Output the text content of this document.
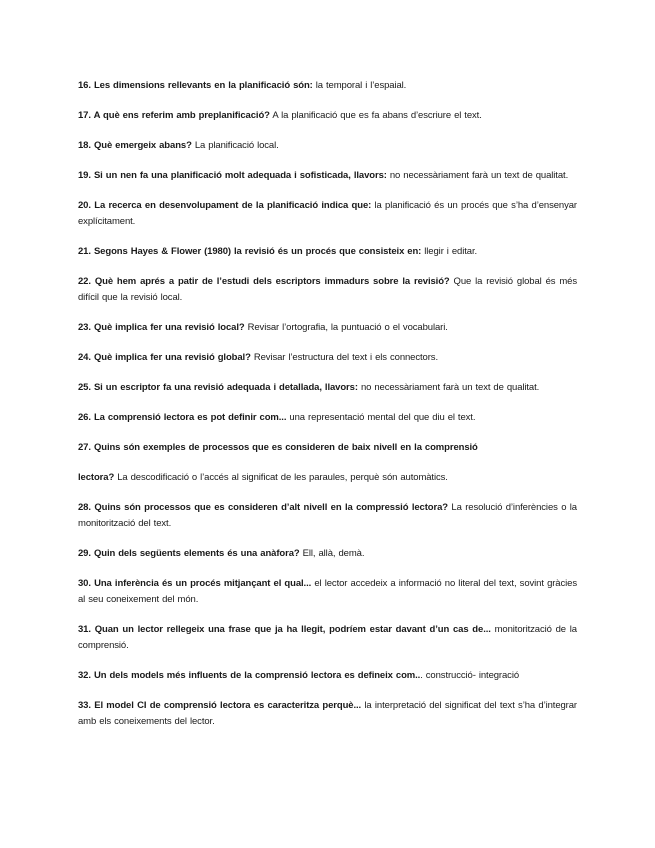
16. Les dimensions rellevants en la planificació són: la temporal i l’espaial.

17. A què ens referim amb preplanificació? A la planificació que es fa abans d’escriure el text.

18. Què emergeix abans? La planificació local.

19. Si un nen fa una planificació molt adequada i sofisticada, llavors: no necessàriament farà un text de qualitat.

20. La recerca en desenvolupament de la planificació indica que: la planificació és un procés que s’ha d’ensenyar explícitament.

21. Segons Hayes & Flower (1980) la revisió és un procés que consisteix en: llegir i editar.

22. Què hem aprés a patir de l’estudi dels escriptors immadurs sobre la revisió? Que la revisió global és més difícil que la revisió local.

23. Què implica fer una revisió local? Revisar l’ortografia, la puntuació o el vocabulari.

24. Què implica fer una revisió global? Revisar l’estructura del text i els connectors.

25. Si un escriptor fa una revisió adequada i detallada, llavors: no necessàriament farà un text de qualitat.

26. La comprensió lectora es pot definir com... una representació mental del que diu el text.

27. Quins són exemples de processos que es consideren de baix nivell en la comprensió

lectora? La descodificació o l’accés al significat de les paraules, perquè són automàtics.

28. Quins són processos que es consideren d’alt nivell en la compressió lectora? La resolució d’inferències o la monitorització del text.

29. Quin dels següents elements és una anàfora? Ell, allà, demà.

30. Una inferència és un procés mitjançant el qual... el lector accedeix a informació no literal del text, sovint gràcies al seu coneixement del món.

31. Quan un lector rellegeix una frase que ja ha llegit, podríem estar davant d’un cas de... monitorització de la comprensió.

32. Un dels models més influents de la comprensió lectora es defineix com... construcció- integració

33. El model CI de comprensió lectora es caracteritza perquè... la interpretació del significat del text s’ha d’integrar amb els coneixements del lector.
